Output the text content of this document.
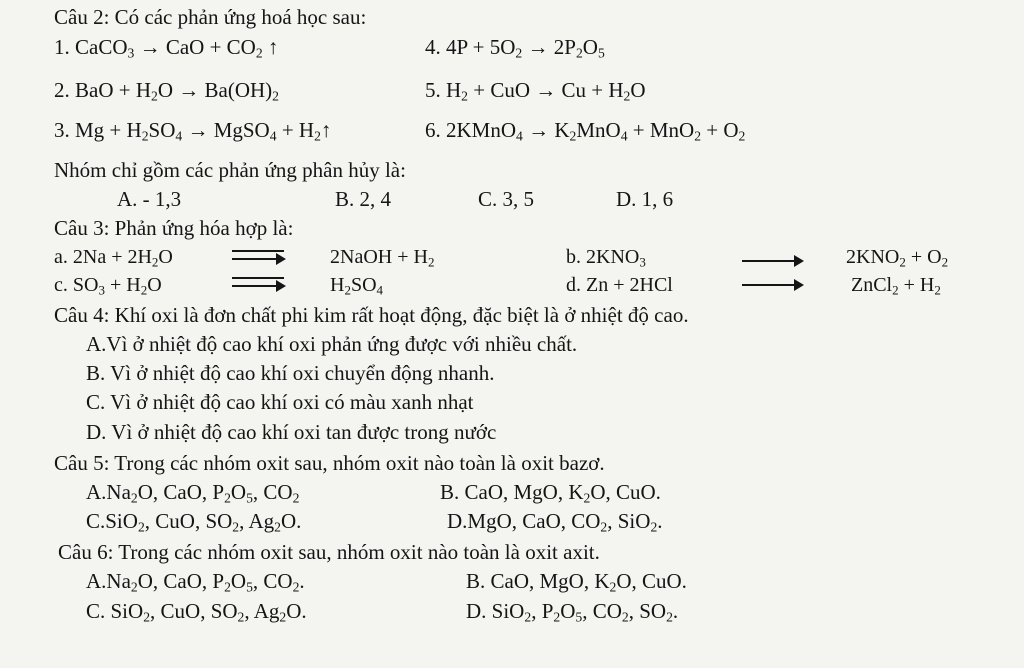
Câu 2: Có các phản ứng hoá học sau:
1. CaCO$_3$ → CaO + $CO_2$ ↑	4. $4P + 5O_2 \to 2P_2O_5$
2. BaO + $H_2O \to Ba(OH)_2$	5. $H_2$ + CuO → $Cu + H_2O$
3. $Mg + H_2SO_4$ → MgSO$_4$ + $H_2↑$	6. 2KMnO$_4$ → $K_2MnO_4 + MnO_2 + O_2$
Nhóm chỉ gồm các phản ứng phân hủy là:
A. - 1,3	B. 2, 4	C. 3, 5	D. 1, 6
Câu 3: Phản ứng hóa hợp là:
a. $2Na + 2H_2O$	2NaOH + $H_2$	b. $2KNO_3$	$2KNO_2 + O_2$
c. $SO_3 + H_2O$	$H_2SO_4$	d. Zn + 2HCl	ZnCl$_2$ + $H_2$
Câu 4: Khí oxi là đơn chất phi kim rất hoạt động, đặc biệt là ở nhiệt độ cao.
A.Vì ở nhiệt độ cao khí oxi phản ứng được với nhiều chất.
B. Vì ở nhiệt độ cao khí oxi chuyển động nhanh.
C. Vì ở nhiệt độ cao khí oxi có màu xanh nhạt
D. Vì ở nhiệt độ cao khí oxi tan được trong nước
Câu 5: Trong các nhóm oxit sau, nhóm oxit nào toàn là oxit bazơ.
$A.Na_2O$, CaO, $P_2O_5$, $CO_2$	B. CaO, MgO, $K_2O$, CuO.
C.SiO$_2$, CuO, $SO_2$, $Ag_2O$.	D.MgO, CaO, $CO_2$, SiO$_2$.
Câu 6: Trong các nhóm oxit sau, nhóm oxit nào toàn là oxit axit.
$A.Na_2O$, CaO, $P_2O_5$, $CO_2$.	B. CaO, MgO, $K_2O$, CuO.
C. SiO$_2$, CuO, $SO_2$, $Ag_2O$.	D. SiO$_2$, $P_2O_5$, $CO_2$, $SO_2$.
